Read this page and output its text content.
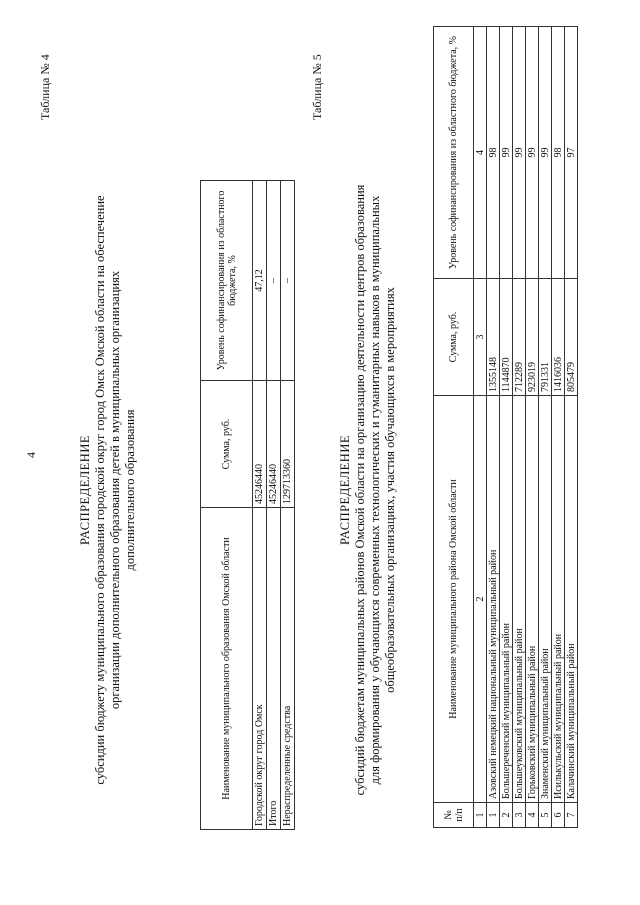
4
Таблица № 4
РАСПРЕДЕЛЕНИЕ субсидии бюджету муниципального образования городской округ город Омск Омской области на обеспечение организации дополнительного образования детей в муниципальных организациях дополнительного образования
Наименование муниципального образования Омской области	Сумма, руб.	Уровень софинансирования из областного бюджета, %
Городской округ город Омск	45246440	47,12
Итого	45246440	–
Нераспределенные средства	129713360	–
Таблица № 5
РАСПРЕДЕЛЕНИЕ субсидий бюджетам муниципальных районов Омской области на организацию деятельности центров образования для формирования у обучающихся современных технологических и гуманитарных навыков в муниципальных общеобразовательных организациях, участия обучающихся в мероприятиях
№ п/п	Наименование муниципального района Омской области	Сумма, руб.	Уровень софинансирования из областного бюджета, %
1	2	3	4
1	Азовский немецкий национальный муниципальный район	1355148	98
2	Большереченский муниципальный район	1144870	99
3	Большеуковский муниципальный район	712289	99
4	Горьковский муниципальный район	923019	99
5	Знаменский муниципальный район	791331	99
6	Исилькульский муниципальный район	1416036	98
7	Калачинский муниципальный район	805479	97
